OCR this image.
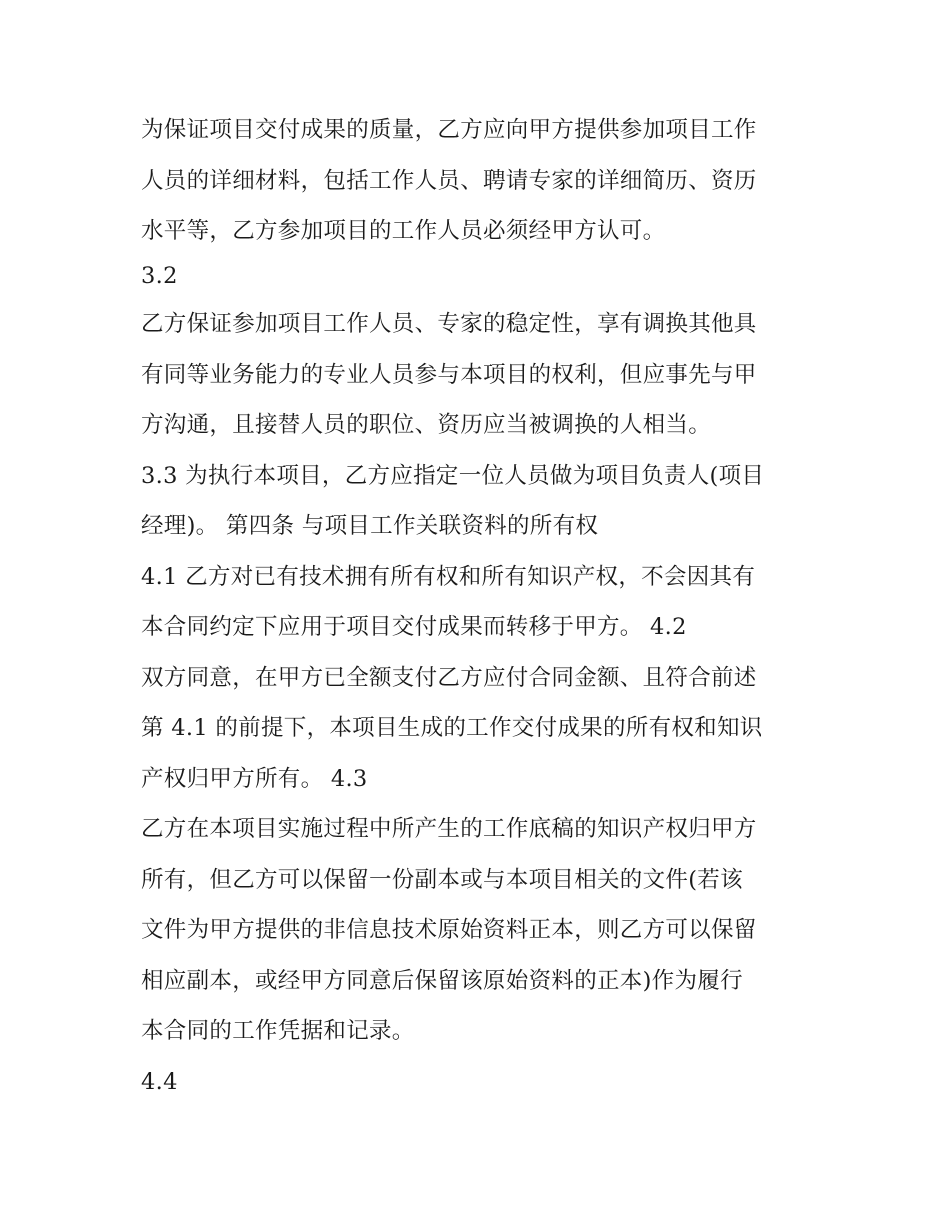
为保证项目交付成果的质量，乙方应向甲方提供参加项目工作
人员的详细材料，包括工作人员、聘请专家的详细简历、资历
水平等，乙方参加项目的工作人员必须经甲方认可。
3.2
乙方保证参加项目工作人员、专家的稳定性，享有调换其他具
有同等业务能力的专业人员参与本项目的权利，但应事先与甲
方沟通，且接替人员的职位、资历应当被调换的人相当。
3.3 为执行本项目，乙方应指定一位人员做为项目负责人(项目
经理)。 第四条 与项目工作关联资料的所有权
4.1 乙方对已有技术拥有所有权和所有知识产权，不会因其有
本合同约定下应用于项目交付成果而转移于甲方。 4.2
双方同意，在甲方已全额支付乙方应付合同金额、且符合前述
第 4.1 的前提下，本项目生成的工作交付成果的所有权和知识
产权归甲方所有。 4.3
乙方在本项目实施过程中所产生的工作底稿的知识产权归甲方
所有，但乙方可以保留一份副本或与本项目相关的文件(若该
文件为甲方提供的非信息技术原始资料正本，则乙方可以保留
相应副本，或经甲方同意后保留该原始资料的正本)作为履行
本合同的工作凭据和记录。
4.4
